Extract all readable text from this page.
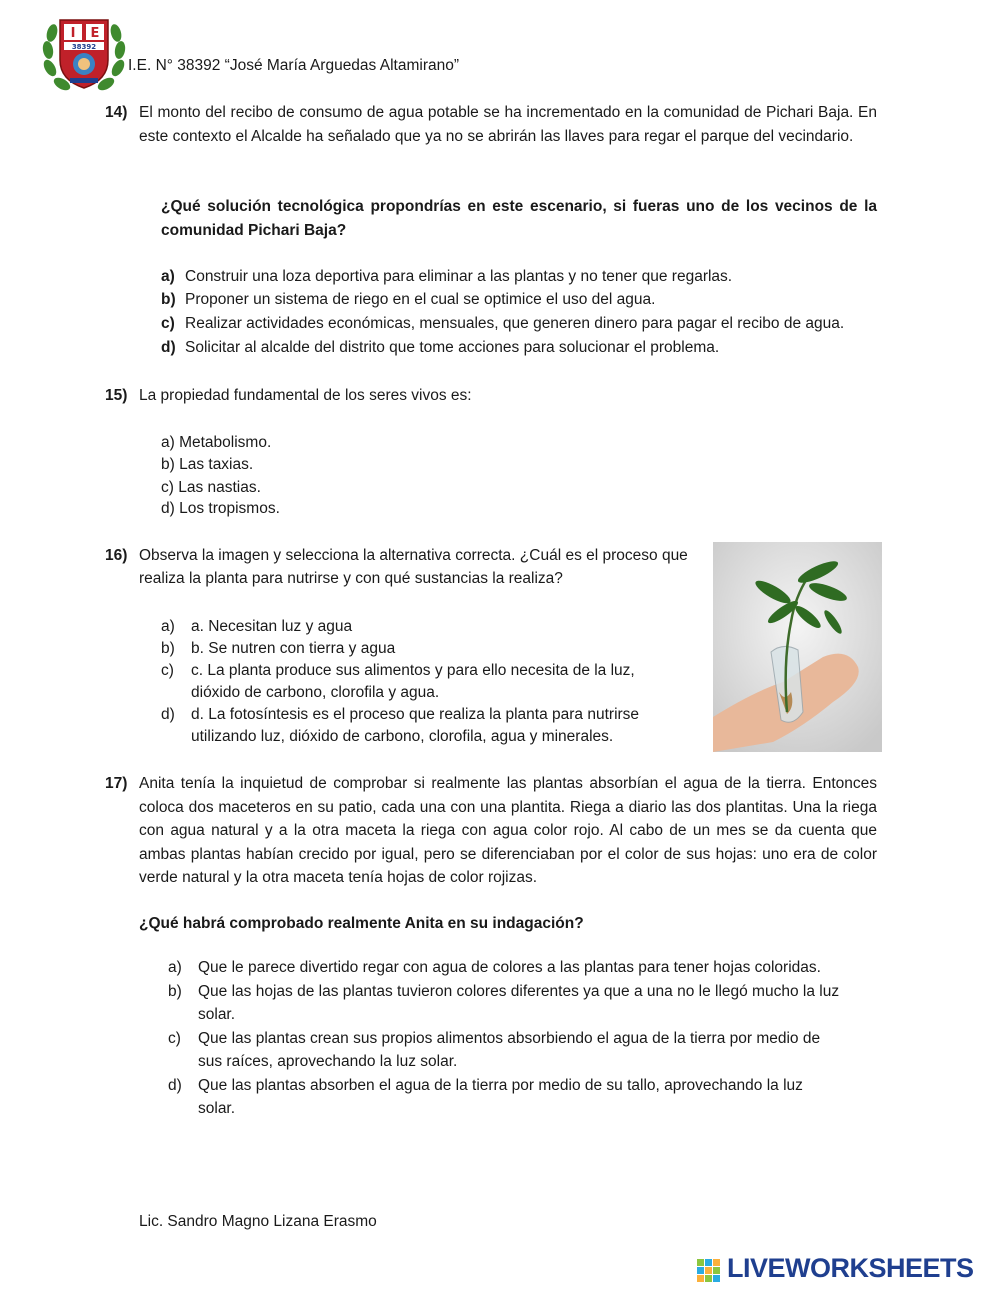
I E
38392
I.E. N° 38392 “José María Arguedas Altamirano”
14) El monto del recibo de consumo de agua potable se ha incrementado en la comunidad de Pichari Baja. En este contexto el Alcalde ha señalado que ya no se abrirán las llaves para regar el parque del vecindario.
¿Qué solución tecnológica propondrías en este escenario, si fueras uno de los vecinos de la comunidad Pichari Baja?
a) Construir una loza deportiva para eliminar a las plantas y no tener que regarlas.
b) Proponer un sistema de riego en el cual se optimice el uso del agua.
c) Realizar actividades económicas, mensuales, que generen dinero para pagar el recibo de agua.
d) Solicitar al alcalde del distrito que tome acciones para solucionar el problema.
15) La propiedad fundamental de los seres vivos es:
a) Metabolismo.
b) Las taxias.
c) Las nastias.
d) Los tropismos.
16) Observa la imagen y selecciona la alternativa correcta. ¿Cuál es el proceso que
realiza la planta para nutrirse y con qué sustancias la realiza?
a) a. Necesitan luz y agua
b) b. Se nutren con tierra y agua
c) c. La planta produce sus alimentos y para ello necesita de la luz,
dióxido de carbono, clorofila y agua.
d) d. La fotosíntesis es el proceso que realiza la planta para nutrirse
utilizando luz, dióxido de carbono, clorofila, agua y minerales.
17) Anita tenía la inquietud de comprobar si realmente las plantas absorbían el agua de la tierra. Entonces coloca dos maceteros en su patio, cada una con una plantita. Riega a diario las dos plantitas. Una la riega con agua natural y a la otra maceta la riega con agua color rojo. Al cabo de un mes se da cuenta que ambas plantas habían crecido por igual, pero se diferenciaban por el color de sus hojas: uno era de color verde natural y la otra maceta tenía hojas de color rojizas.
¿Qué habrá comprobado realmente Anita en su indagación?
a) Que le parece divertido regar con agua de colores a las plantas para tener hojas coloridas.
b) Que las hojas de las plantas tuvieron colores diferentes ya que a una no le llegó mucho la luz
solar.
c) Que las plantas crean sus propios alimentos absorbiendo el agua de la tierra por medio de
sus raíces, aprovechando la luz solar.
d) Que las plantas absorben el agua de la tierra por medio de su tallo, aprovechando la luz
solar.
Lic. Sandro Magno Lizana Erasmo
LIVEWORKSHEETS
